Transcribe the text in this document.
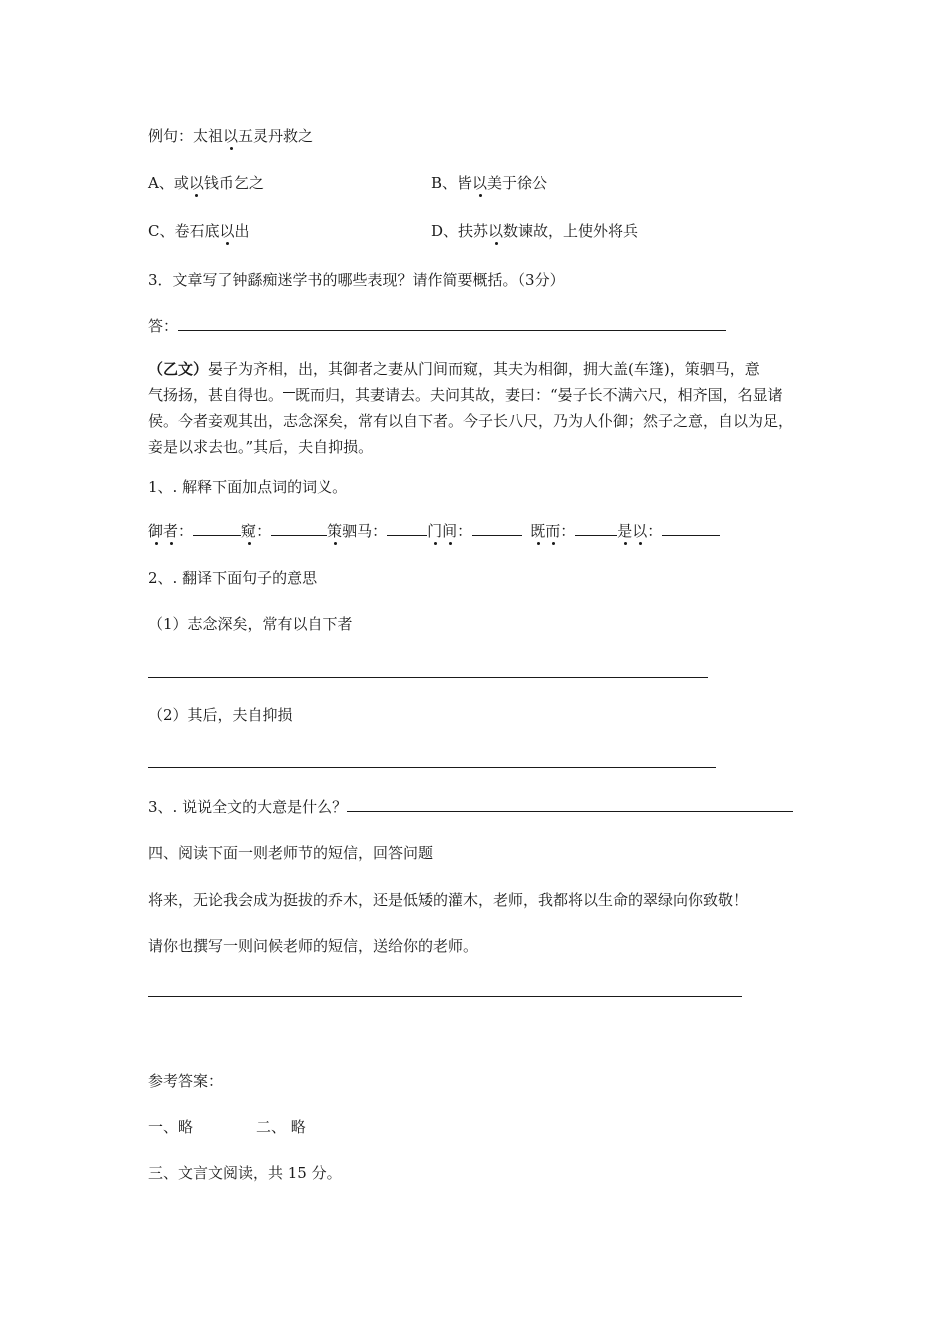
例句：太祖以五灵丹救之
A、或以钱币乞之	B、皆以美于徐公
C、卷石底以出	D、扶苏以数谏故，上使外将兵
3．文章写了钟繇痴迷学书的哪些表现？请作简要概括。（3分）
答：
（乙文）晏子为齐相，出，其御者之妻从门间而窥，其夫为相御，拥大盖(车篷)，策驷马，意
气扬扬，甚自得也。 既而归，其妻请去。夫问其故，妻曰：“晏子长不满六尺，相齐国，名显诸
侯。今者妾观其出，志念深矣，常有以自下者。今子长八尺，乃为人仆御；然子之意，自以为足，
妾是以求去也。”其后，夫自抑损。
1、. 解释下面加点词的词义。
御者：	窥：	策驷马：	门间：	既而：	是以：
2、. 翻译下面句子的意思
（1）志念深矣，常有以自下者
（2）其后，夫自抑损
3、. 说说全文的大意是什么？
四、阅读下面一则老师节的短信，回答问题
将来，无论我会成为挺拔的乔木，还是低矮的灌木，老师，我都将以生命的翠绿向你致敬！
请你也撰写一则问候老师的短信，送给你的老师。
参考答案：
一、略	二、 略
三、文言文阅读，共 15 分。
